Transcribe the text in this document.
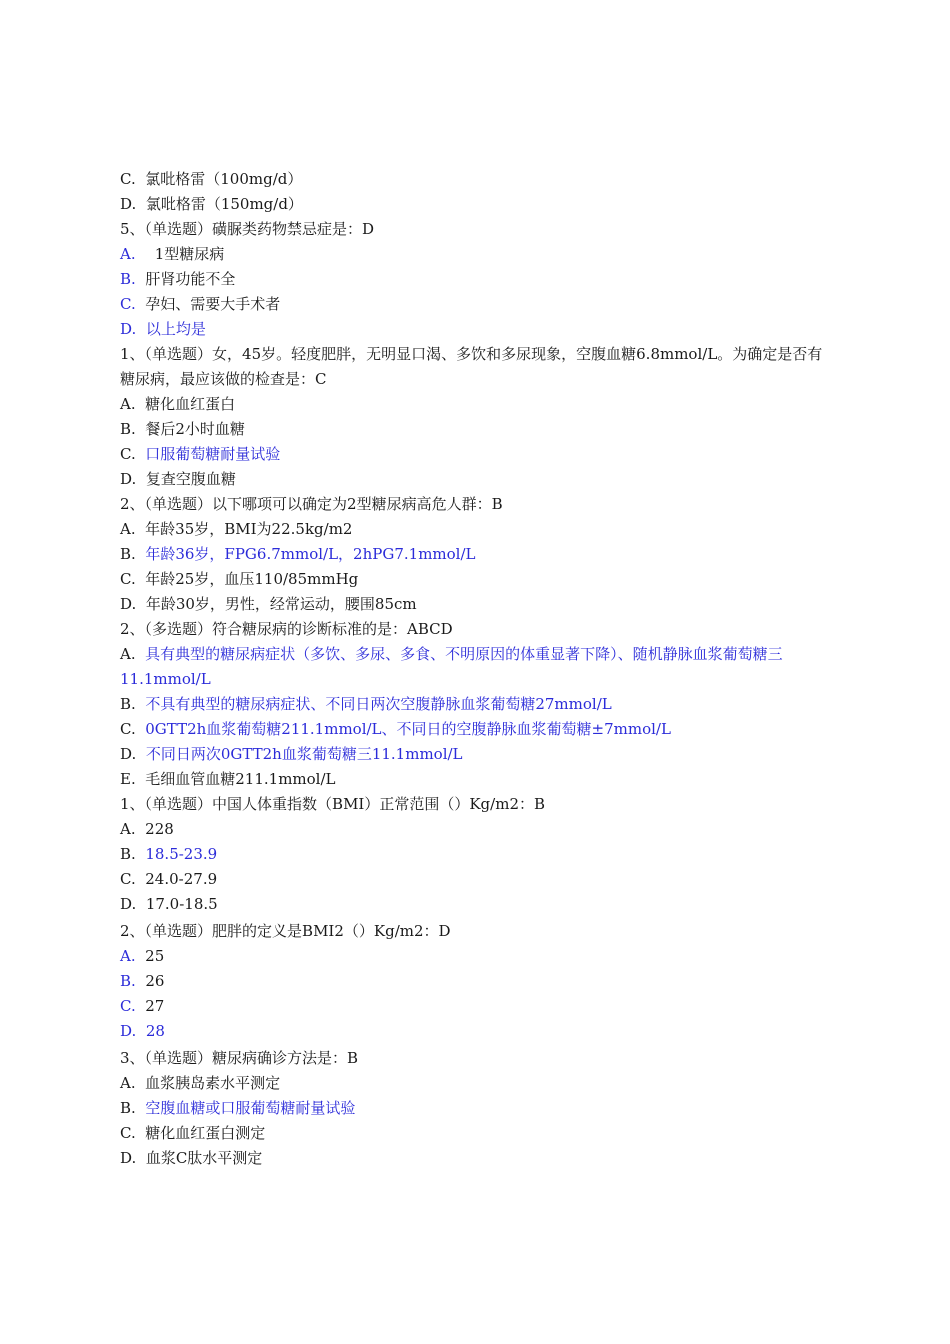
C. 氯吡格雷（100mg/d）
D. 氯吡格雷（150mg/d）
5、（单选题）磺脲类药物禁忌症是：D
A.    1型糖尿病
B. 肝肾功能不全
C. 孕妇、需要大手术者
D. 以上均是
1、（单选题）女，45岁。轻度肥胖，无明显口渴、多饮和多尿现象，空腹血糖6.8mmol/L。为确定是否有糖尿病，最应该做的检查是：C
A. 糖化血红蛋白
B. 餐后2小时血糖
C. 口服葡萄糖耐量试验
D. 复查空腹血糖
2、（单选题）以下哪项可以确定为2型糖尿病高危人群：B
A. 年龄35岁，BMI为22.5kg/m2
B. 年龄36岁，FPG6.7mmol/L，2hPG7.1mmol/L
C. 年龄25岁，血压110/85mmHg
D. 年龄30岁，男性，经常运动，腰围85cm
2、（多选题）符合糖尿病的诊断标准的是：ABCD
A. 具有典型的糖尿病症状（多饮、多尿、多食、不明原因的体重显著下降）、随机静脉血浆葡萄糖三11.1mmol/L
B. 不具有典型的糖尿病症状、不同日两次空腹静脉血浆葡萄糖27mmol/L
C. 0GTT2h血浆葡萄糖211.1mmol/L、不同日的空腹静脉血浆葡萄糖±7mmol/L
D. 不同日两次0GTT2h血浆葡萄糖三11.1mmol/L
E. 毛细血管血糖211.1mmol/L
1、（单选题）中国人体重指数（BMI）正常范围（）Kg/m2：B
A. 228
B. 18.5-23.9
C. 24.0-27.9
D. 17.0-18.5
2、（单选题）肥胖的定义是BMI2（）Kg/m2：D
A. 25
B. 26
C. 27
D. 28
3、（单选题）糖尿病确诊方法是：B
A. 血浆胰岛素水平测定
B. 空腹血糖或口服葡萄糖耐量试验
C. 糖化血红蛋白测定
D. 血浆C肽水平测定
